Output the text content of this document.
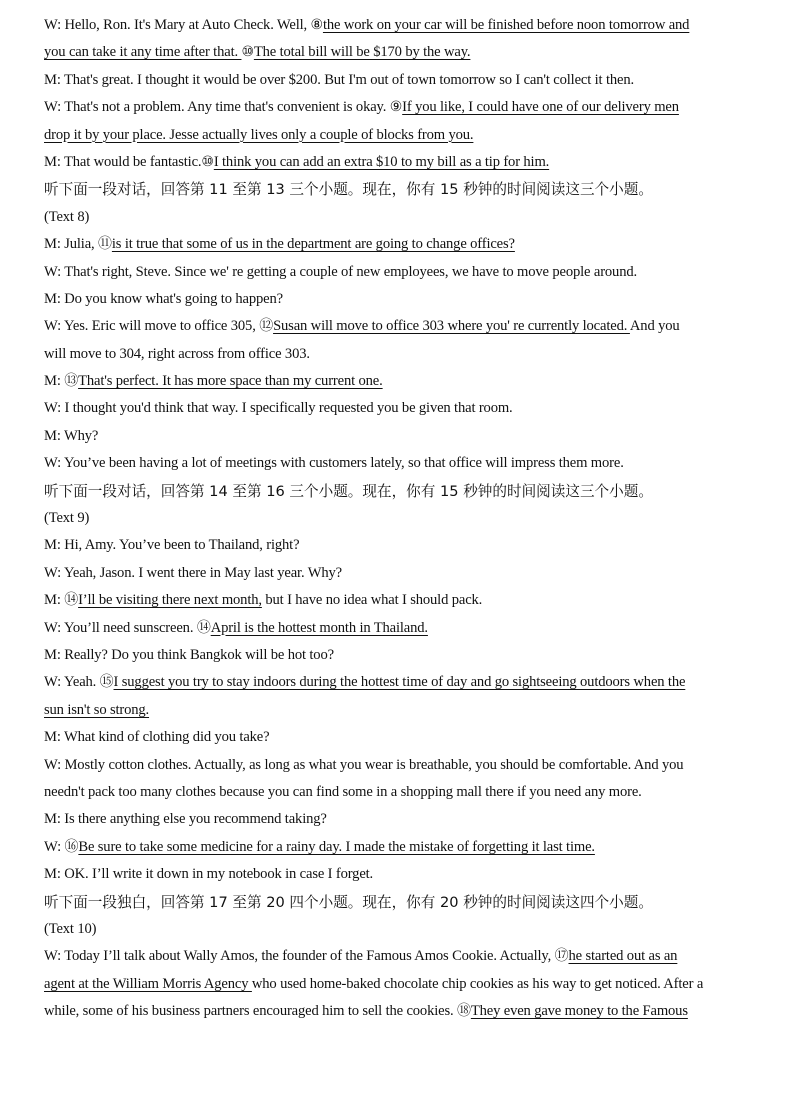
W: Hello, Ron. It's Mary at Auto Check. Well, ⑧the work on your car will be finished before noon tomorrow and
you can take it any time after that. ⑩The total bill will be $170 by the way.
M: That's great. I thought it would be over $200. But I'm out of town tomorrow so I can't collect it then.
W: That's not a problem. Any time that's convenient is okay. ⑨If you like, I could have one of our delivery men
drop it by your place. Jesse actually lives only a couple of blocks from you.
M: That would be fantastic.⑩I think you can add an extra $10 to my bill as a tip for him.
听下面一段对话，回答第 11 至第 13 三个小题。现在，你有 15 秒钟的时间阅读这三个小题。
(Text 8)
M: Julia, ⑪is it true that some of us in the department are going to change offices?
W: That's right, Steve. Since we' re getting a couple of new employees, we have to move people around.
M: Do you know what's going to happen?
W: Yes. Eric will move to office 305, ⑫Susan will move to office 303 where you' re currently located. And you
will move to 304, right across from office 303.
M: ⑬That's perfect. It has more space than my current one.
W: I thought you'd think that way. I specifically requested you be given that room.
M: Why?
W: You’ve been having a lot of meetings with customers lately, so that office will impress them more.
听下面一段对话，回答第 14 至第 16 三个小题。现在，你有 15 秒钟的时间阅读这三个小题。
(Text 9)
M: Hi, Amy. You’ve been to Thailand, right?
W: Yeah, Jason. I went there in May last year. Why?
M: ⑭I’ll be visiting there next month, but I have no idea what I should pack.
W: You’ll need sunscreen. ⑭April is the hottest month in Thailand.
M: Really? Do you think Bangkok will be hot too?
W: Yeah. ⑮I suggest you try to stay indoors during the hottest time of day and go sightseeing outdoors when the
sun isn't so strong.
M: What kind of clothing did you take?
W: Mostly cotton clothes. Actually, as long as what you wear is breathable, you should be comfortable. And you
needn't pack too many clothes because you can find some in a shopping mall there if you need any more.
M: Is there anything else you recommend taking?
W: ⑯Be sure to take some medicine for a rainy day. I made the mistake of forgetting it last time.
M: OK. I’ll write it down in my notebook in case I forget.
听下面一段独白，回答第 17 至第 20 四个小题。现在，你有 20 秒钟的时间阅读这四个小题。
(Text 10)
W: Today I’ll talk about Wally Amos, the founder of the Famous Amos Cookie. Actually, ⑰he started out as an
agent at the William Morris Agency who used home-baked chocolate chip cookies as his way to get noticed. After a
while, some of his business partners encouraged him to sell the cookies. ⑱They even gave money to the Famous
